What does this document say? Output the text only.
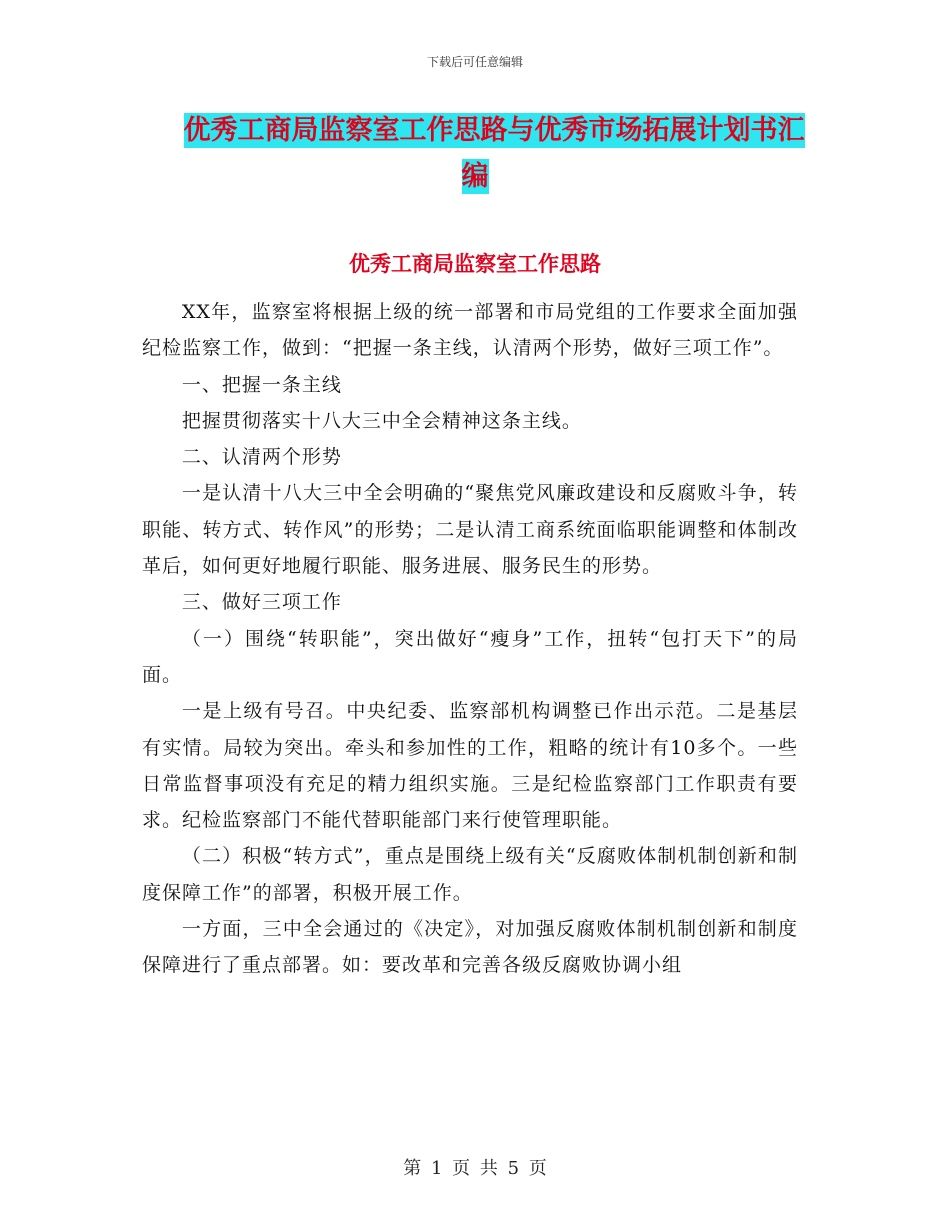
下载后可任意编辑
优秀工商局监察室工作思路与优秀市场拓展计划书汇
编
优秀工商局监察室工作思路

XX年，监察室将根据上级的统一部署和市局党组的工作要求全面加强纪检监察工作，做到：“把握一条主线，认清两个形势，做好三项工作”。

一、把握一条主线

把握贯彻落实十八大三中全会精神这条主线。

二、认清两个形势

一是认清十八大三中全会明确的“聚焦党风廉政建设和反腐败斗争，转职能、转方式、转作风”的形势；二是认清工商系统面临职能调整和体制改革后，如何更好地履行职能、服务进展、服务民生的形势。

三、做好三项工作

（一）围绕“转职能”，突出做好“瘦身”工作，扭转“包打天下”的局面。

一是上级有号召。中央纪委、监察部机构调整已作出示范。二是基层有实情。局较为突出。牵头和参加性的工作，粗略的统计有10多个。一些日常监督事项没有充足的精力组织实施。三是纪检监察部门工作职责有要求。纪检监察部门不能代替职能部门来行使管理职能。

（二）积极“转方式”，重点是围绕上级有关“反腐败体制机制创新和制度保障工作”的部署，积极开展工作。

一方面，三中全会通过的《决定》，对加强反腐败体制机制创新和制度保障进行了重点部署。如：要改革和完善各级反腐败协调小组

第 1 页 共 5 页
